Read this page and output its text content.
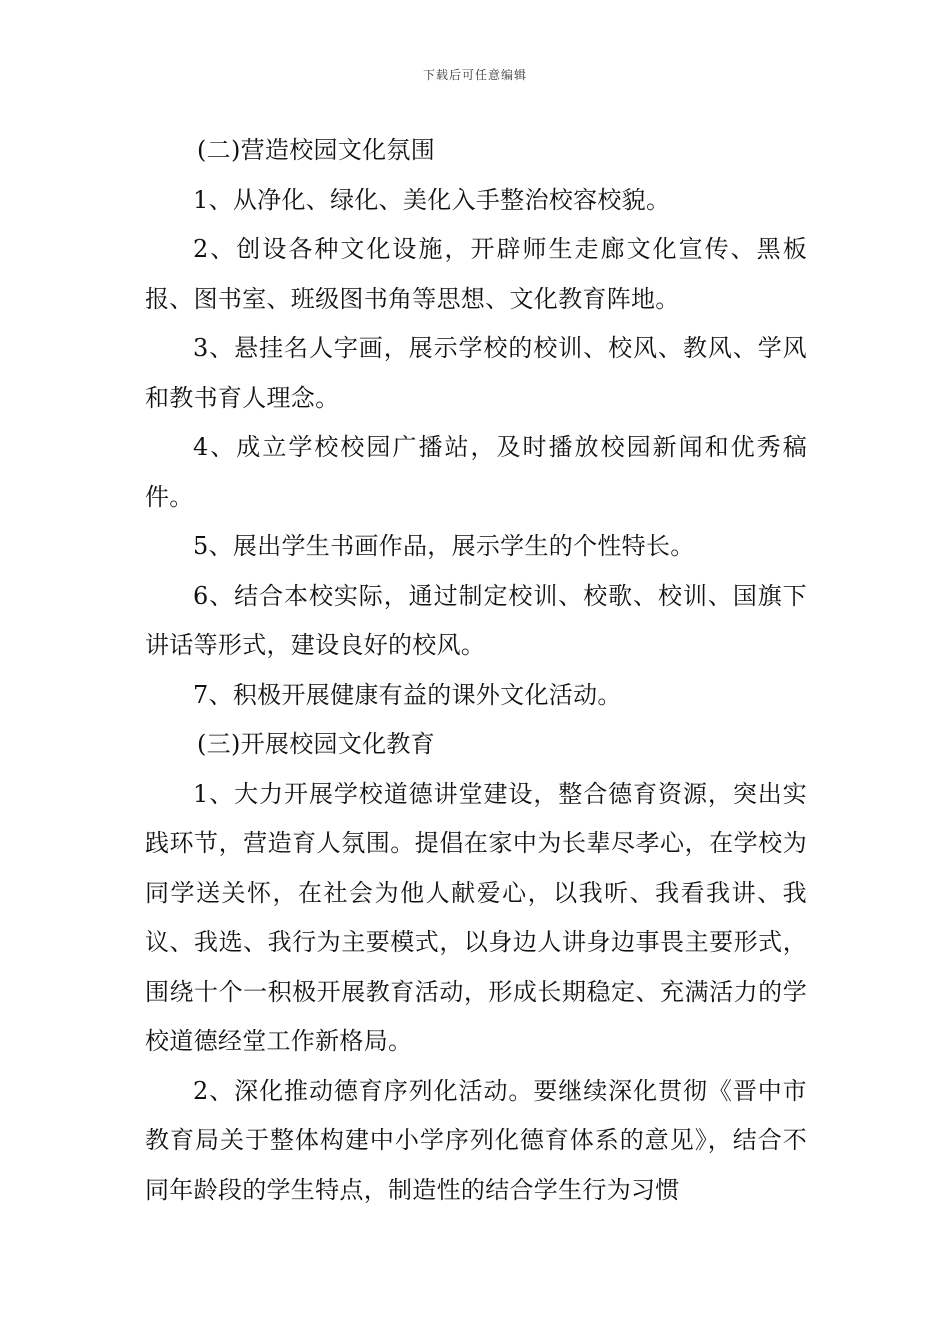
下载后可任意编辑

(二)营造校园文化氛围

1、从净化、绿化、美化入手整治校容校貌。

2、创设各种文化设施，开辟师生走廊文化宣传、黑板报、图书室、班级图书角等思想、文化教育阵地。

3、悬挂名人字画，展示学校的校训、校风、教风、学风和教书育人理念。

4、成立学校校园广播站，及时播放校园新闻和优秀稿件。

5、展出学生书画作品，展示学生的个性特长。

6、结合本校实际，通过制定校训、校歌、校训、国旗下讲话等形式，建设良好的校风。

7、积极开展健康有益的课外文化活动。

(三)开展校园文化教育

1、大力开展学校道德讲堂建设，整合德育资源，突出实践环节，营造育人氛围。提倡在家中为长辈尽孝心，在学校为同学送关怀，在社会为他人献爱心，以我听、我看我讲、我议、我选、我行为主要模式，以身边人讲身边事畏主要形式，围绕十个一积极开展教育活动，形成长期稳定、充满活力的学校道德经堂工作新格局。

2、深化推动德育序列化活动。要继续深化贯彻《晋中市教育局关于整体构建中小学序列化德育体系的意见》，结合不同年龄段的学生特点，制造性的结合学生行为习惯
